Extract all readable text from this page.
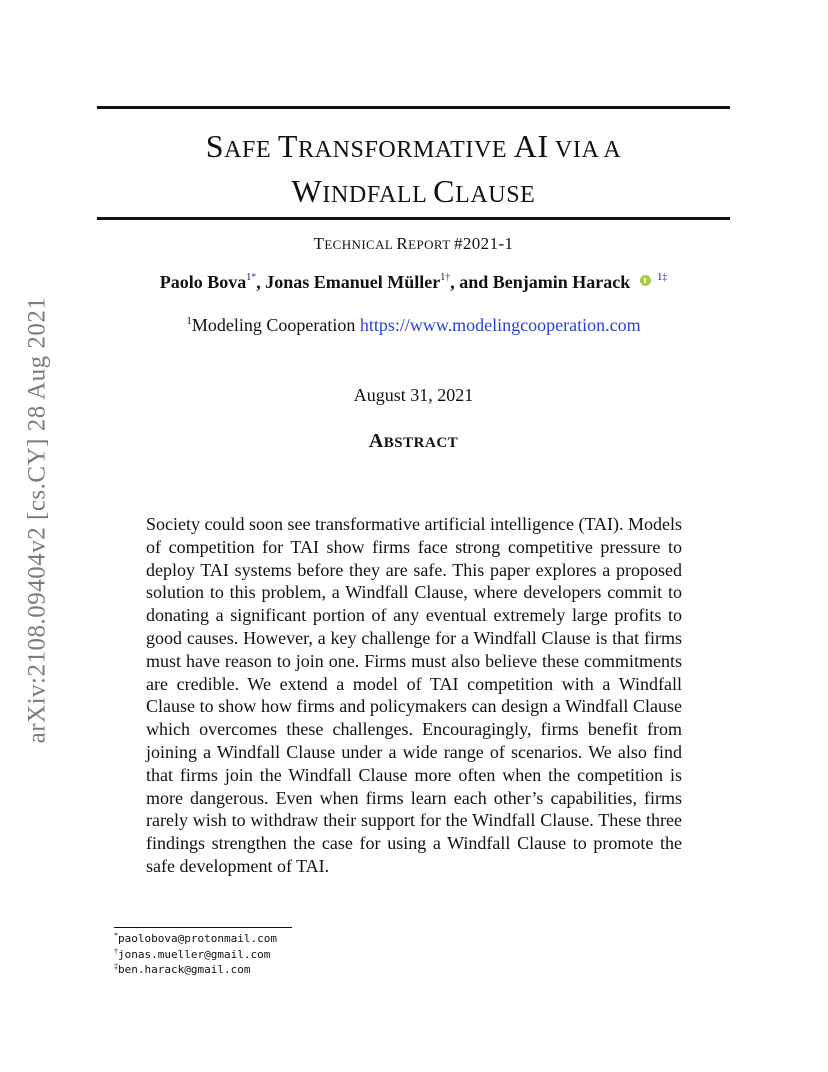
arXiv:2108.09404v2 [cs.CY] 28 Aug 2021
SAFE TRANSFORMATIVE AI VIA A
WINDFALL CLAUSE
TECHNICAL REPORT #2021-1
Paolo Bova$^{1*}$, Jonas Emanuel Müller$^{1\dagger}$, and Benjamin Harack	$^{1\ddagger}$
$^1$Modeling Cooperation https://www.modelingcooperation.com
August 31, 2021
ABSTRACT
Society could soon see transformative artificial intelligence (TAI). Models of competition for TAI show firms face strong competitive pressure to deploy TAI systems before they are safe. This paper explores a proposed solution to this problem, a Windfall Clause, where developers commit to donating a significant portion of any eventual extremely large profits to good causes. However, a key challenge for a Windfall Clause is that firms must have reason to join one. Firms must also believe these commitments are credible. We extend a model of TAI competition with a Windfall Clause to show how firms and policymakers can design a Windfall Clause which overcomes these challenges. Encouragingly, firms benefit from joining a Windfall Clause under a wide range of scenarios. We also find that firms join the Windfall Clause more often when the competition is more dangerous. Even when firms learn each other’s capabilities, firms rarely wish to withdraw their support for the Windfall Clause. These three findings strengthen the case for using a Windfall Clause to promote the safe development of TAI.
*paolobova@protonmail.com
†jonas.mueller@gmail.com
‡ben.harack@gmail.com
